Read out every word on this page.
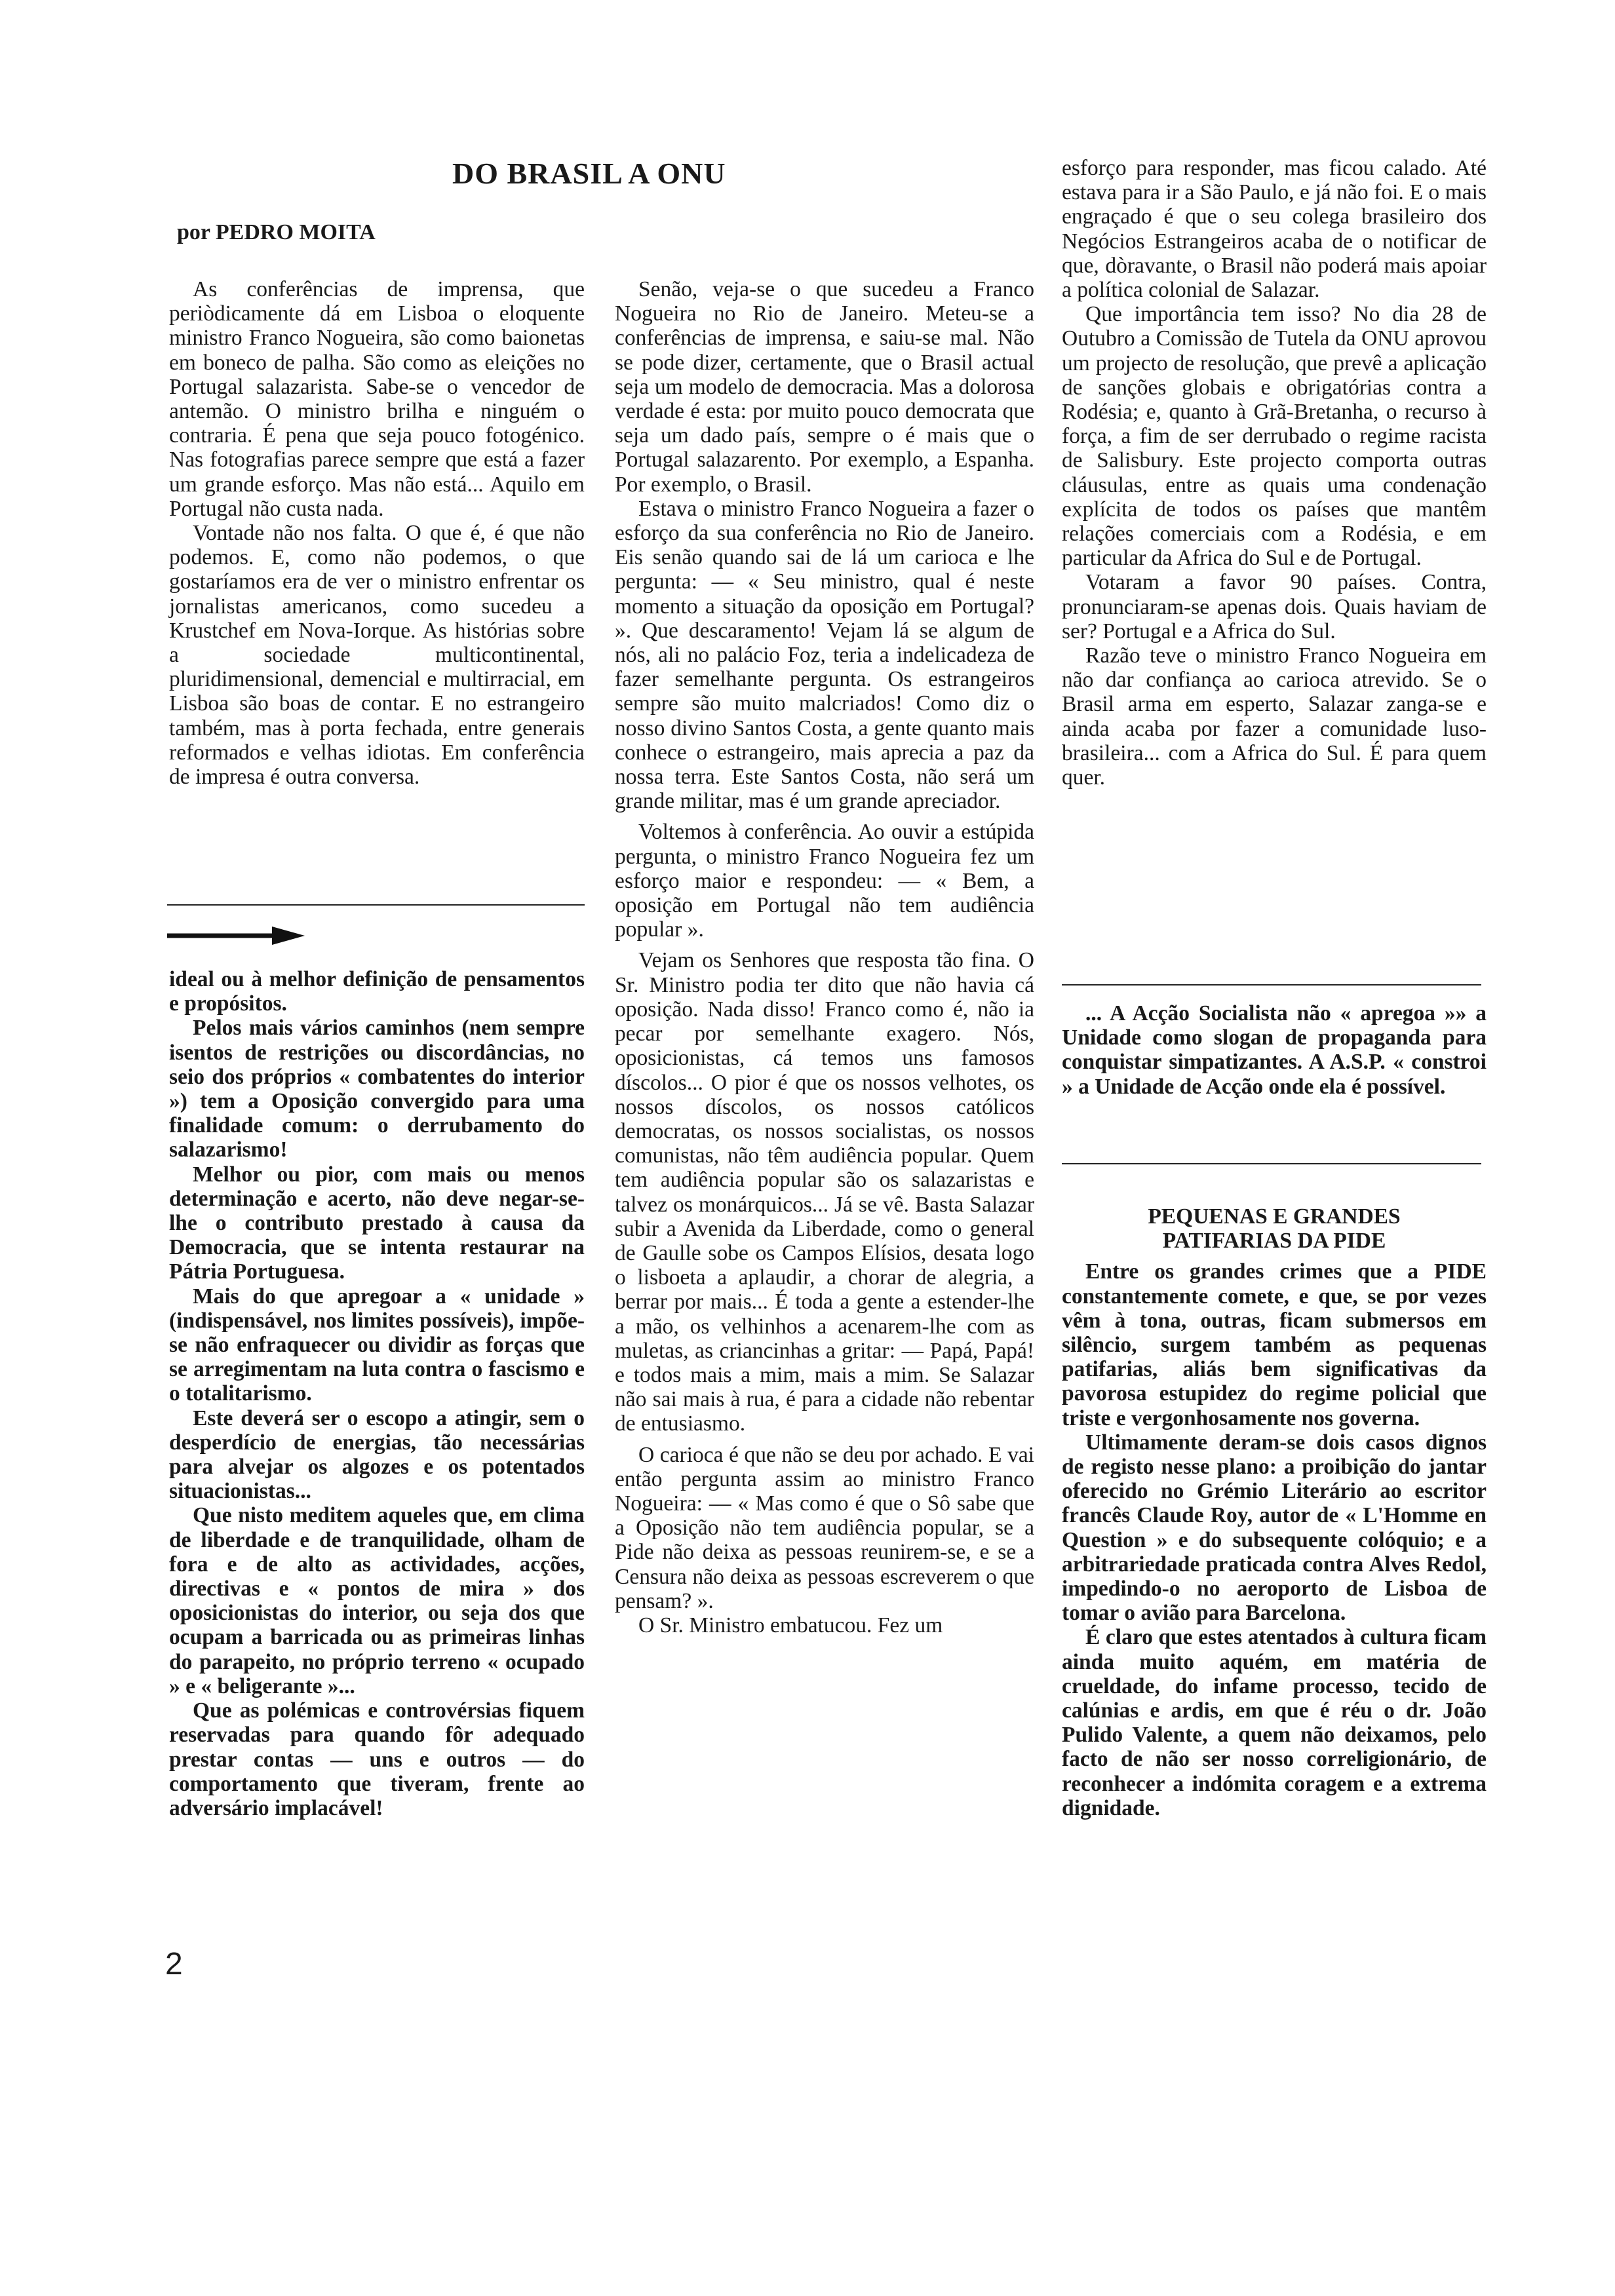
DO BRASIL A ONU

por PEDRO MOITA

As conferências de imprensa, que periòdicamente dá em Lisboa o eloquente ministro Franco Nogueira, são como baionetas em boneco de palha. São como as eleições no Portugal salazarista. Sabe-se o vencedor de antemão. O ministro brilha e ninguém o contraria. É pena que seja pouco fotogénico. Nas fotografias parece sempre que está a fazer um grande esforço. Mas não está... Aquilo em Portugal não custa nada.

Vontade não nos falta. O que é, é que não podemos. E, como não podemos, o que gostaríamos era de ver o ministro enfrentar os jornalistas americanos, como sucedeu a Krustchef em Nova-Iorque. As histórias sobre a sociedade multicontinental, pluridimensional, demencial e multirracial, em Lisboa são boas de contar. E no estrangeiro também, mas à porta fechada, entre generais reformados e velhas idiotas. Em conferência de impresa é outra conversa.

ideal ou à melhor definição de pensamentos e propósitos.

Pelos mais vários caminhos (nem sempre isentos de restrições ou discordâncias, no seio dos próprios « combatentes do interior ») tem a Oposição convergido para uma finalidade comum: o derrubamento do salazarismo!

Melhor ou pior, com mais ou menos determinação e acerto, não deve negar-se-lhe o contributo prestado à causa da Democracia, que se intenta restaurar na Pátria Portuguesa.

Mais do que apregoar a « unidade » (indispensável, nos limites possíveis), impõe-se não enfraquecer ou dividir as forças que se arregimentam na luta contra o fascismo e o totalitarismo.

Este deverá ser o escopo a atingir, sem o desperdício de energias, tão necessárias para alvejar os algozes e os potentados situacionistas...

Que nisto meditem aqueles que, em clima de liberdade e de tranquilidade, olham de fora e de alto as actividades, acções, directivas e « pontos de mira » dos oposicionistas do interior, ou seja dos que ocupam a barricada ou as primeiras linhas do parapeito, no próprio terreno « ocupado » e « beligerante »...

Que as polémicas e controvérsias fiquem reservadas para quando fôr adequado prestar contas — uns e outros — do comportamento que tiveram, frente ao adversário implacável!

Senão, veja-se o que sucedeu a Franco Nogueira no Rio de Janeiro. Meteu-se a conferências de imprensa, e saiu-se mal. Não se pode dizer, certamente, que o Brasil actual seja um modelo de democracia. Mas a dolorosa verdade é esta: por muito pouco democrata que seja um dado país, sempre o é mais que o Portugal salazarento. Por exemplo, a Espanha. Por exemplo, o Brasil.

Estava o ministro Franco Nogueira a fazer o esforço da sua conferência no Rio de Janeiro. Eis senão quando sai de lá um carioca e lhe pergunta: — « Seu ministro, qual é neste momento a situação da oposição em Portugal? ». Que descaramento! Vejam lá se algum de nós, ali no palácio Foz, teria a indelicadeza de fazer semelhante pergunta. Os estrangeiros sempre são muito malcriados! Como diz o nosso divino Santos Costa, a gente quanto mais conhece o estrangeiro, mais aprecia a paz da nossa terra. Este Santos Costa, não será um grande militar, mas é um grande apreciador.

Voltemos à conferência. Ao ouvir a estúpida pergunta, o ministro Franco Nogueira fez um esforço maior e respondeu: — « Bem, a oposição em Portugal não tem audiência popular ».

Vejam os Senhores que resposta tão fina. O Sr. Ministro podia ter dito que não havia cá oposição. Nada disso! Franco como é, não ia pecar por semelhante exagero. Nós, oposicionistas, cá temos uns famosos díscolos... O pior é que os nossos velhotes, os nossos díscolos, os nossos católicos democratas, os nossos socialistas, os nossos comunistas, não têm audiência popular. Quem tem audiência popular são os salazaristas e talvez os monárquicos... Já se vê. Basta Salazar subir a Avenida da Liberdade, como o general de Gaulle sobe os Campos Elísios, desata logo o lisboeta a aplaudir, a chorar de alegria, a berrar por mais... É toda a gente a estender-lhe a mão, os velhinhos a acenarem-lhe com as muletas, as criancinhas a gritar: — Papá, Papá! e todos mais a mim, mais a mim. Se Salazar não sai mais à rua, é para a cidade não rebentar de entusiasmo.

O carioca é que não se deu por achado. E vai então pergunta assim ao ministro Franco Nogueira: — « Mas como é que o Sô sabe que a Oposição não tem audiência popular, se a Pide não deixa as pessoas reunirem-se, e se a Censura não deixa as pessoas escreverem o que pensam? ».

O Sr. Ministro embatucou. Fez um

esforço para responder, mas ficou calado. Até estava para ir a São Paulo, e já não foi. E o mais engraçado é que o seu colega brasileiro dos Negócios Estrangeiros acaba de o notificar de que, dòravante, o Brasil não poderá mais apoiar a política colonial de Salazar.

Que importância tem isso? No dia 28 de Outubro a Comissão de Tutela da ONU aprovou um projecto de resolução, que prevê a aplicação de sanções globais e obrigatórias contra a Rodésia; e, quanto à Grã-Bretanha, o recurso à força, a fim de ser derrubado o regime racista de Salisbury. Este projecto comporta outras cláusulas, entre as quais uma condenação explícita de todos os países que mantêm relações comerciais com a Rodésia, e em particular da Africa do Sul e de Portugal.

Votaram a favor 90 países. Contra, pronunciaram-se apenas dois. Quais haviam de ser? Portugal e a Africa do Sul.

Razão teve o ministro Franco Nogueira em não dar confiança ao carioca atrevido. Se o Brasil arma em esperto, Salazar zanga-se e ainda acaba por fazer a comunidade luso-brasileira... com a Africa do Sul. É para quem quer.

... A Acção Socialista não « apregoa »» a Unidade como slogan de propaganda para conquistar simpatizantes. A A.S.P. « constroi » a Unidade de Acção onde ela é possível.

PEQUENAS E GRANDES

PATIFARIAS DA PIDE

Entre os grandes crimes que a PIDE constantemente comete, e que, se por vezes vêm à tona, outras, ficam submersos em silêncio, surgem também as pequenas patifarias, aliás bem significativas da pavorosa estupidez do regime policial que triste e vergonhosamente nos governa.

Ultimamente deram-se dois casos dignos de registo nesse plano: a proibição do jantar oferecido no Grémio Literário ao escritor francês Claude Roy, autor de « L'Homme en Question » e do subsequente colóquio; e a arbitrariedade praticada contra Alves Redol, impedindo-o no aeroporto de Lisboa de tomar o avião para Barcelona.

É claro que estes atentados à cultura ficam ainda muito aquém, em matéria de crueldade, do infame processo, tecido de calúnias e ardis, em que é réu o dr. João Pulido Valente, a quem não deixamos, pelo facto de não ser nosso correligionário, de reconhecer a indómita coragem e a extrema dignidade.

2
